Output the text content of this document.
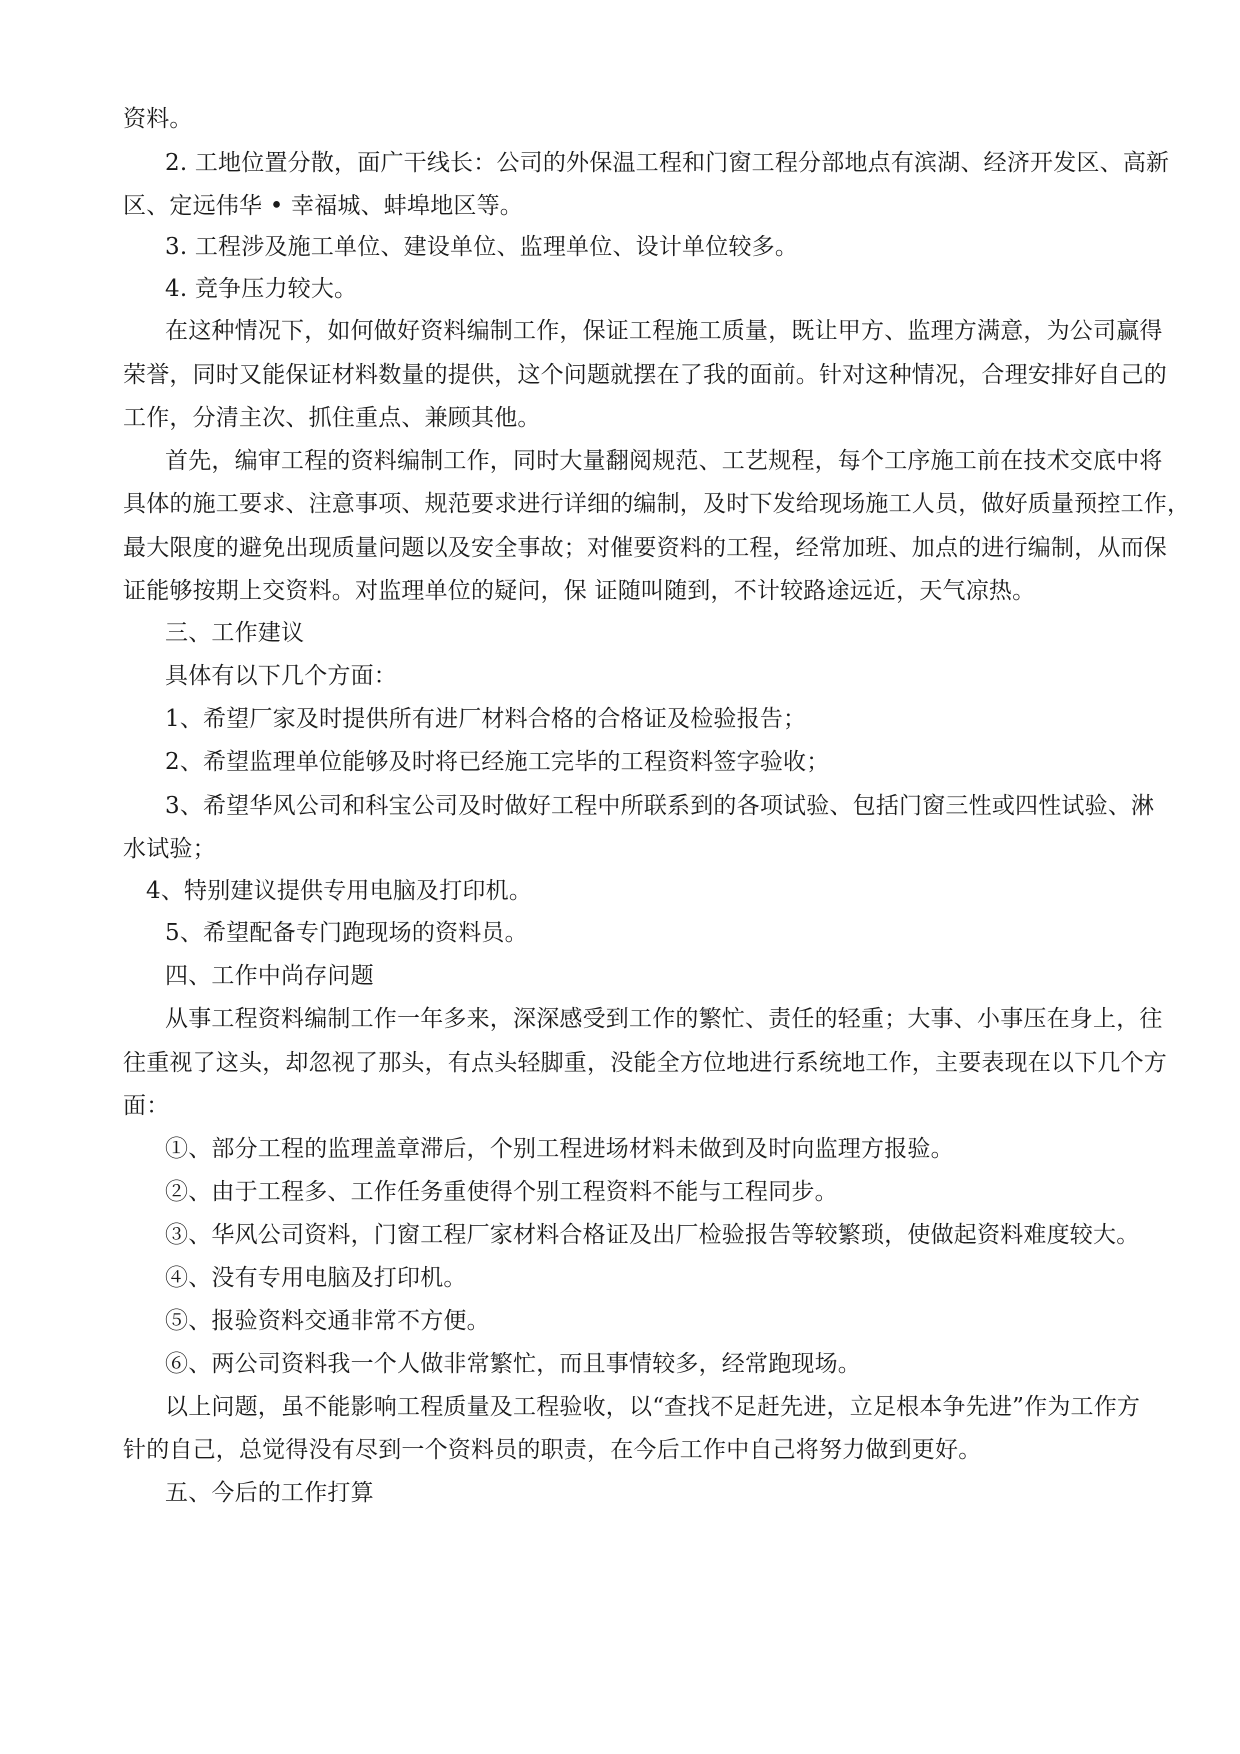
资料。
2. 工地位置分散，面广干线长：公司的外保温工程和门窗工程分部地点有滨湖、经济开发区、高新
区、定远伟华 • 幸福城、蚌埠地区等。
3. 工程涉及施工单位、建设单位、监理单位、设计单位较多。
4. 竞争压力较大。
在这种情况下，如何做好资料编制工作，保证工程施工质量，既让甲方、监理方满意，为公司赢得
荣誉，同时又能保证材料数量的提供，这个问题就摆在了我的面前。针对这种情况，合理安排好自己的
工作，分清主次、抓住重点、兼顾其他。
首先，编审工程的资料编制工作，同时大量翻阅规范、工艺规程，每个工序施工前在技术交底中将
具体的施工要求、注意事项、规范要求进行详细的编制，及时下发给现场施工人员，做好质量预控工作，
最大限度的避免出现质量问题以及安全事故；对催要资料的工程，经常加班、加点的进行编制，从而保
证能够按期上交资料。对监理单位的疑问，保 证随叫随到，不计较路途远近，天气凉热。
三、工作建议
具体有以下几个方面：
1、希望厂家及时提供所有进厂材料合格的合格证及检验报告；
2、希望监理单位能够及时将已经施工完毕的工程资料签字验收；
3、希望华风公司和科宝公司及时做好工程中所联系到的各项试验、包括门窗三性或四性试验、淋
水试验；
4、特别建议提供专用电脑及打印机。
5、希望配备专门跑现场的资料员。
四、工作中尚存问题
从事工程资料编制工作一年多来，深深感受到工作的繁忙、责任的轻重；大事、小事压在身上，往
往重视了这头，却忽视了那头，有点头轻脚重，没能全方位地进行系统地工作，主要表现在以下几个方
面：
①、部分工程的监理盖章滞后，个别工程进场材料未做到及时向监理方报验。
②、由于工程多、工作任务重使得个别工程资料不能与工程同步。
③、华风公司资料，门窗工程厂家材料合格证及出厂检验报告等较繁琐，使做起资料难度较大。
④、没有专用电脑及打印机。
⑤、报验资料交通非常不方便。
⑥、两公司资料我一个人做非常繁忙，而且事情较多，经常跑现场。
以上问题，虽不能影响工程质量及工程验收，以“查找不足赶先进，立足根本争先进”作为工作方
针的自己，总觉得没有尽到一个资料员的职责，在今后工作中自己将努力做到更好。
五、今后的工作打算
